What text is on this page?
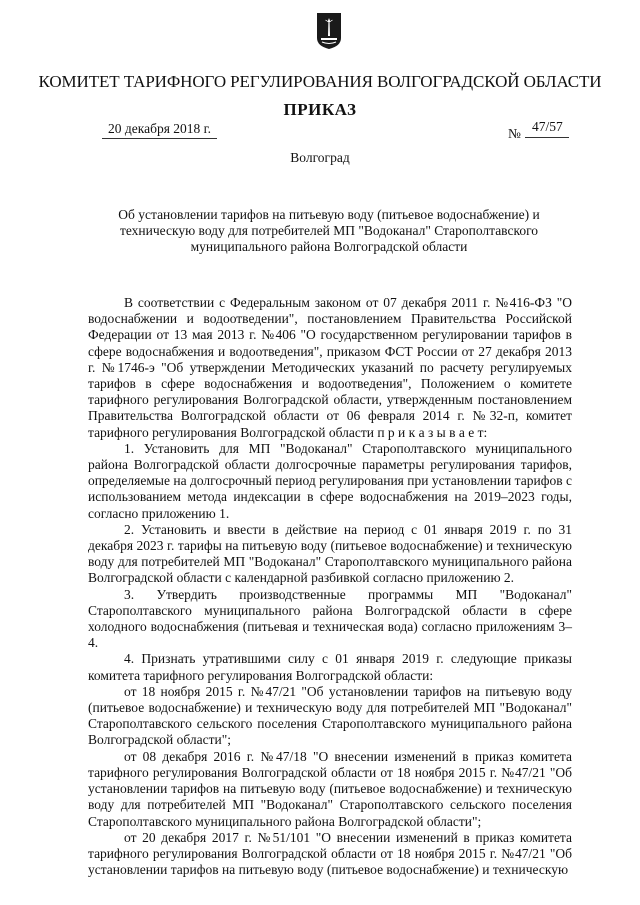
КОМИТЕТ ТАРИФНОГО РЕГУЛИРОВАНИЯ ВОЛГОГРАДСКОЙ ОБЛАСТИ
ПРИКАЗ
20 декабря 2018 г.	№ 47/57
Волгоград
Об установлении тарифов на питьевую воду (питьевое водоснабжение) и техническую воду для потребителей МП "Водоканал" Старополтавского муниципального района Волгоградской области

В соответствии с Федеральным законом от 07 декабря 2011 г. №416-ФЗ "О водоснабжении и водоотведении", постановлением Правительства Российской Федерации от 13 мая 2013 г. №406 "О государственном регулировании тарифов в сфере водоснабжения и водоотведения", приказом ФСТ России от 27 декабря 2013 г. №1746-э "Об утверждении Методических указаний по расчету регулируемых тарифов в сфере водоснабжения и водоотведения", Положением о комитете тарифного регулирования Волгоградской области, утвержденным постановлением Правительства Волгоградской области от 06 февраля 2014 г. №32-п, комитет тарифного регулирования Волгоградской области п р и к а з ы в а е т:

1. Установить для МП "Водоканал" Старополтавского муниципального района Волгоградской области долгосрочные параметры регулирования тарифов, определяемые на долгосрочный период регулирования при установлении тарифов с использованием метода индексации в сфере водоснабжения на 2019–2023 годы, согласно приложению 1.

2. Установить и ввести в действие на период с 01 января 2019 г. по 31 декабря 2023 г. тарифы на питьевую воду (питьевое водоснабжение) и техническую воду для потребителей МП "Водоканал" Старополтавского муниципального района Волгоградской области с календарной разбивкой согласно приложению 2.

3. Утвердить производственные программы МП "Водоканал" Старополтавского муниципального района Волгоградской области в сфере холодного водоснабжения (питьевая и техническая вода) согласно приложениям 3–4.

4. Признать утратившими силу с 01 января 2019 г. следующие приказы комитета тарифного регулирования Волгоградской области:

от 18 ноября 2015 г. №47/21 "Об установлении тарифов на питьевую воду (питьевое водоснабжение) и техническую воду для потребителей МП "Водоканал" Старополтавского сельского поселения Старополтавского муниципального района Волгоградской области";

от 08 декабря 2016 г. №47/18 "О внесении изменений в приказ комитета тарифного регулирования Волгоградской области от 18 ноября 2015 г. №47/21 "Об установлении тарифов на питьевую воду (питьевое водоснабжение) и техническую воду для потребителей МП "Водоканал" Старополтавского сельского поселения Старополтавского муниципального района Волгоградской области";

от 20 декабря 2017 г. №51/101 "О внесении изменений в приказ комитета тарифного регулирования Волгоградской области от 18 ноября 2015 г. №47/21 "Об установлении тарифов на питьевую воду (питьевое водоснабжение) и техническую
